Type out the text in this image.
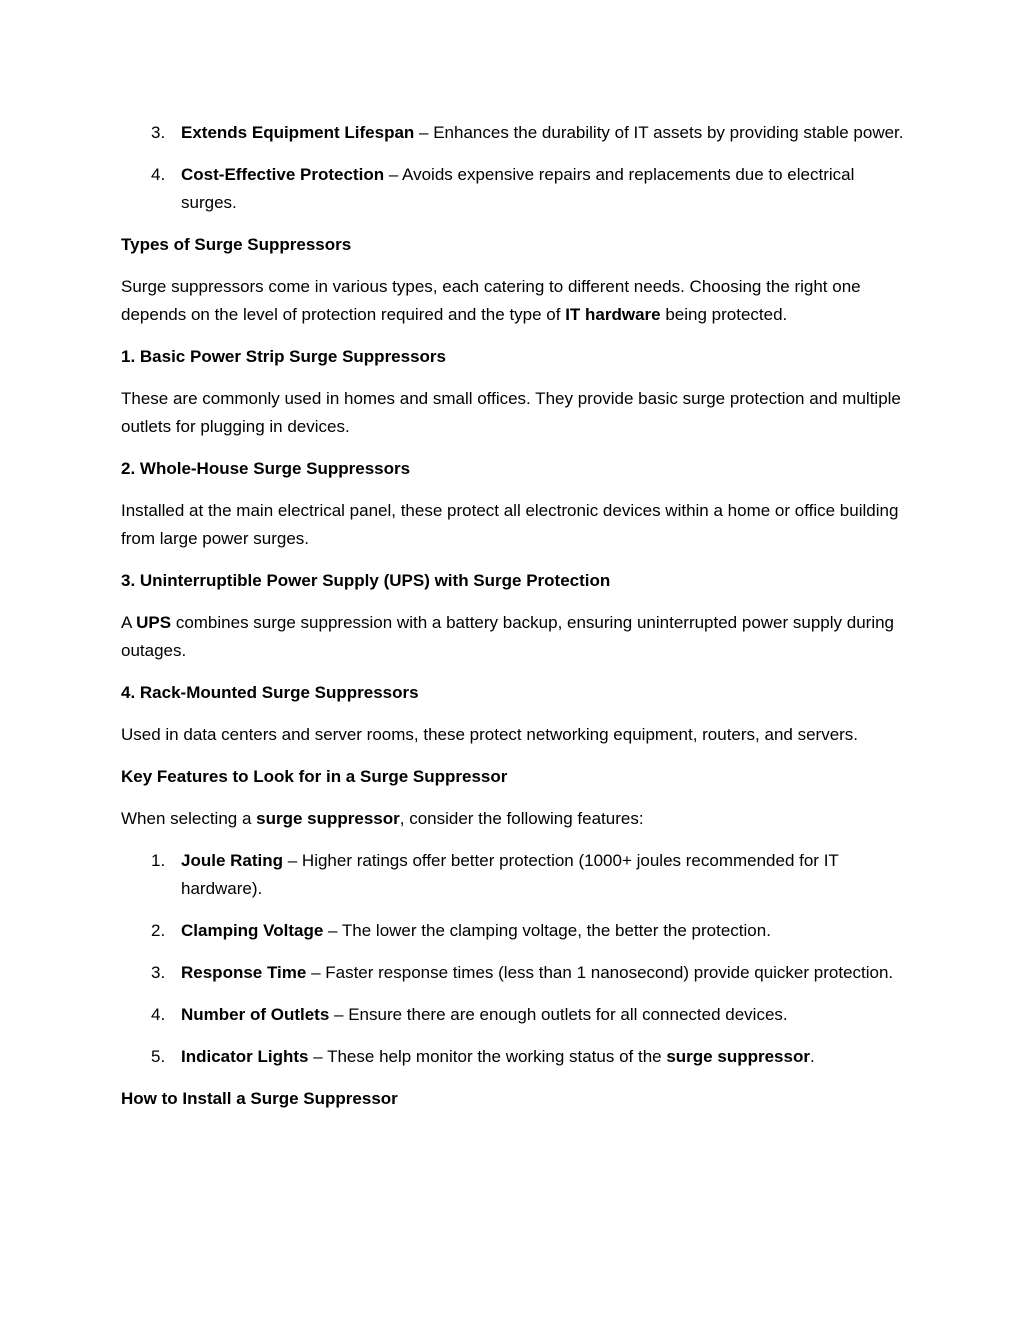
3. Extends Equipment Lifespan – Enhances the durability of IT assets by providing stable power.
4. Cost-Effective Protection – Avoids expensive repairs and replacements due to electrical surges.
Types of Surge Suppressors

Surge suppressors come in various types, each catering to different needs. Choosing the right one depends on the level of protection required and the type of IT hardware being protected.

1. Basic Power Strip Surge Suppressors

These are commonly used in homes and small offices. They provide basic surge protection and multiple outlets for plugging in devices.

2. Whole-House Surge Suppressors

Installed at the main electrical panel, these protect all electronic devices within a home or office building from large power surges.

3. Uninterruptible Power Supply (UPS) with Surge Protection

A UPS combines surge suppression with a battery backup, ensuring uninterrupted power supply during outages.

4. Rack-Mounted Surge Suppressors

Used in data centers and server rooms, these protect networking equipment, routers, and servers.

Key Features to Look for in a Surge Suppressor

When selecting a surge suppressor, consider the following features:

1. Joule Rating – Higher ratings offer better protection (1000+ joules recommended for IT hardware).
2. Clamping Voltage – The lower the clamping voltage, the better the protection.
3. Response Time – Faster response times (less than 1 nanosecond) provide quicker protection.
4. Number of Outlets – Ensure there are enough outlets for all connected devices.
5. Indicator Lights – These help monitor the working status of the surge suppressor.
How to Install a Surge Suppressor
